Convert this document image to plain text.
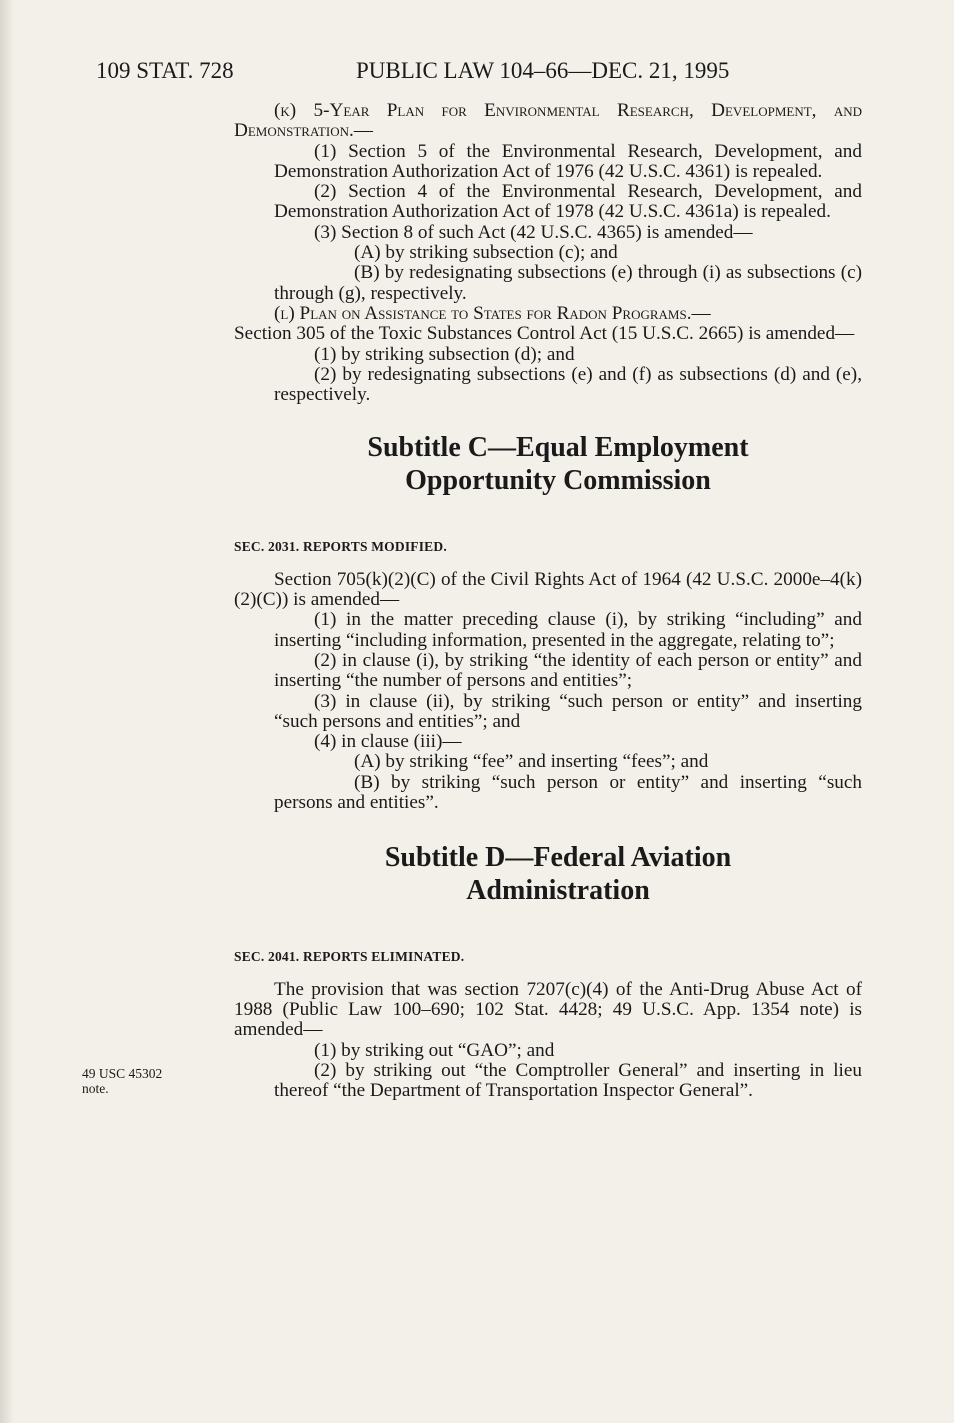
109 STAT. 728	PUBLIC LAW 104–66—DEC. 21, 1995
(k) 5-Year Plan for Environmental Research, Development, and Demonstration.—
(1) Section 5 of the Environmental Research, Development, and Demonstration Authorization Act of 1976 (42 U.S.C. 4361) is repealed.
(2) Section 4 of the Environmental Research, Development, and Demonstration Authorization Act of 1978 (42 U.S.C. 4361a) is repealed.
(3) Section 8 of such Act (42 U.S.C. 4365) is amended—
(A) by striking subsection (c); and
(B) by redesignating subsections (e) through (i) as subsections (c) through (g), respectively.
(l) Plan on Assistance to States for Radon Programs.—
Section 305 of the Toxic Substances Control Act (15 U.S.C. 2665) is amended—
(1) by striking subsection (d); and
(2) by redesignating subsections (e) and (f) as subsections (d) and (e), respectively.
Subtitle C—Equal Employment
Opportunity Commission
SEC. 2031. REPORTS MODIFIED.
Section 705(k)(2)(C) of the Civil Rights Act of 1964 (42 U.S.C. 2000e–4(k)(2)(C)) is amended—
(1) in the matter preceding clause (i), by striking “including” and inserting “including information, presented in the aggregate, relating to”;
(2) in clause (i), by striking “the identity of each person or entity” and inserting “the number of persons and entities”;
(3) in clause (ii), by striking “such person or entity” and inserting “such persons and entities”; and
(4) in clause (iii)—
(A) by striking “fee” and inserting “fees”; and
(B) by striking “such person or entity” and inserting “such persons and entities”.
Subtitle D—Federal Aviation
Administration
SEC. 2041. REPORTS ELIMINATED.
The provision that was section 7207(c)(4) of the Anti-Drug Abuse Act of 1988 (Public Law 100–690; 102 Stat. 4428; 49 U.S.C. App. 1354 note) is amended—
(1) by striking out “GAO”; and
(2) by striking out “the Comptroller General” and inserting in lieu thereof “the Department of Transportation Inspector General”.
49 USC 45302
note.
